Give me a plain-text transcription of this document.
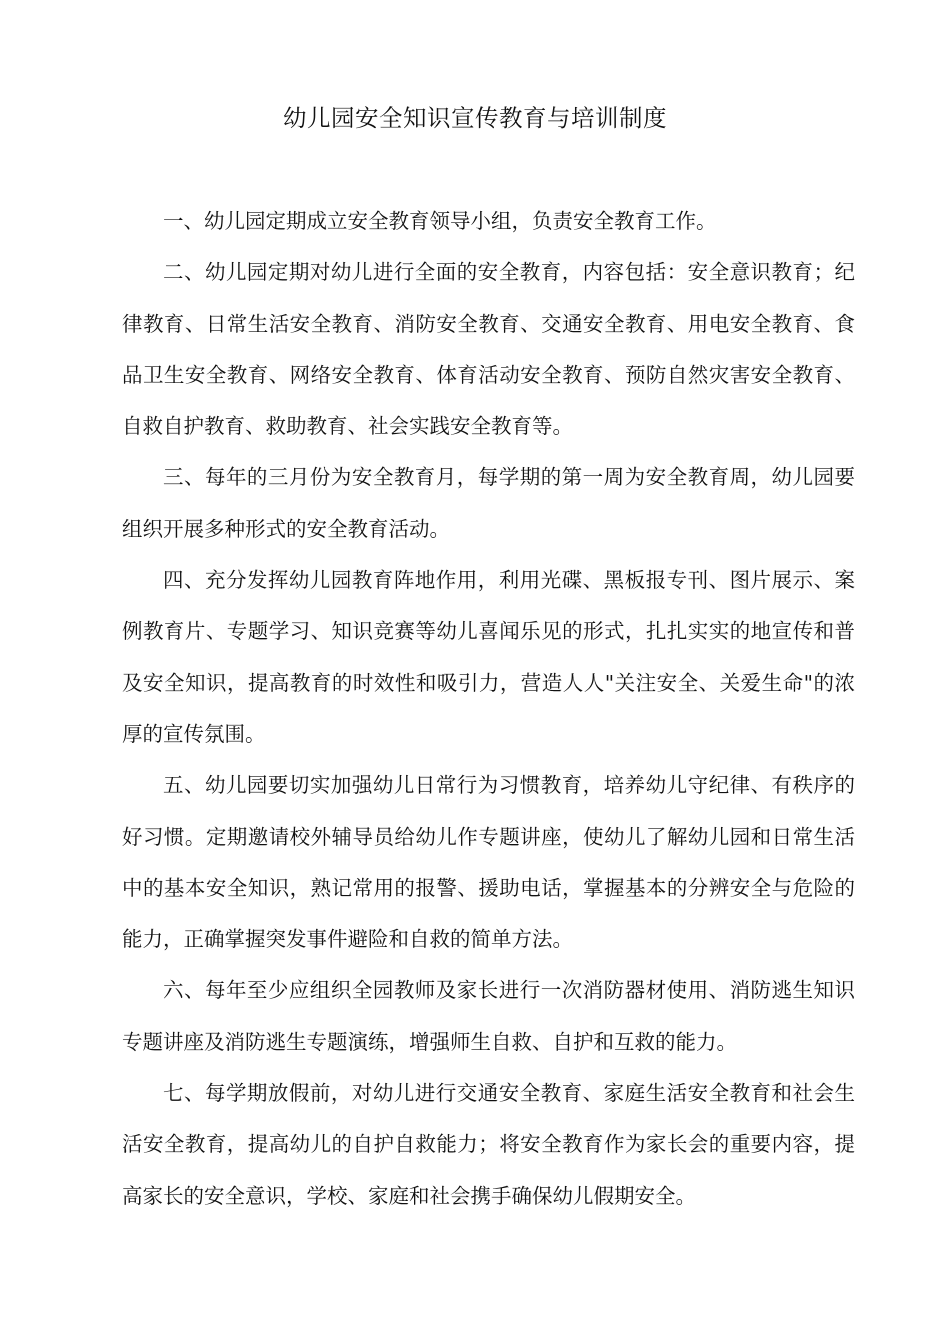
幼儿园安全知识宣传教育与培训制度

一、幼儿园定期成立安全教育领导小组，负责安全教育工作。

二、幼儿园定期对幼儿进行全面的安全教育，内容包括：安全意识教育；纪律教育、日常生活安全教育、消防安全教育、交通安全教育、用电安全教育、食品卫生安全教育、网络安全教育、体育活动安全教育、预防自然灾害安全教育、自救自护教育、救助教育、社会实践安全教育等。

三、每年的三月份为安全教育月，每学期的第一周为安全教育周，幼儿园要组织开展多种形式的安全教育活动。

四、充分发挥幼儿园教育阵地作用，利用光碟、黑板报专刊、图片展示、案例教育片、专题学习、知识竞赛等幼儿喜闻乐见的形式，扎扎实实的地宣传和普及安全知识，提高教育的时效性和吸引力，营造人人"关注安全、关爱生命"的浓厚的宣传氛围。

五、幼儿园要切实加强幼儿日常行为习惯教育，培养幼儿守纪律、有秩序的好习惯。定期邀请校外辅导员给幼儿作专题讲座，使幼儿了解幼儿园和日常生活中的基本安全知识，熟记常用的报警、援助电话，掌握基本的分辨安全与危险的能力，正确掌握突发事件避险和自救的简单方法。

六、每年至少应组织全园教师及家长进行一次消防器材使用、消防逃生知识专题讲座及消防逃生专题演练，增强师生自救、自护和互救的能力。

七、每学期放假前，对幼儿进行交通安全教育、家庭生活安全教育和社会生活安全教育，提高幼儿的自护自救能力；将安全教育作为家长会的重要内容，提高家长的安全意识，学校、家庭和社会携手确保幼儿假期安全。
